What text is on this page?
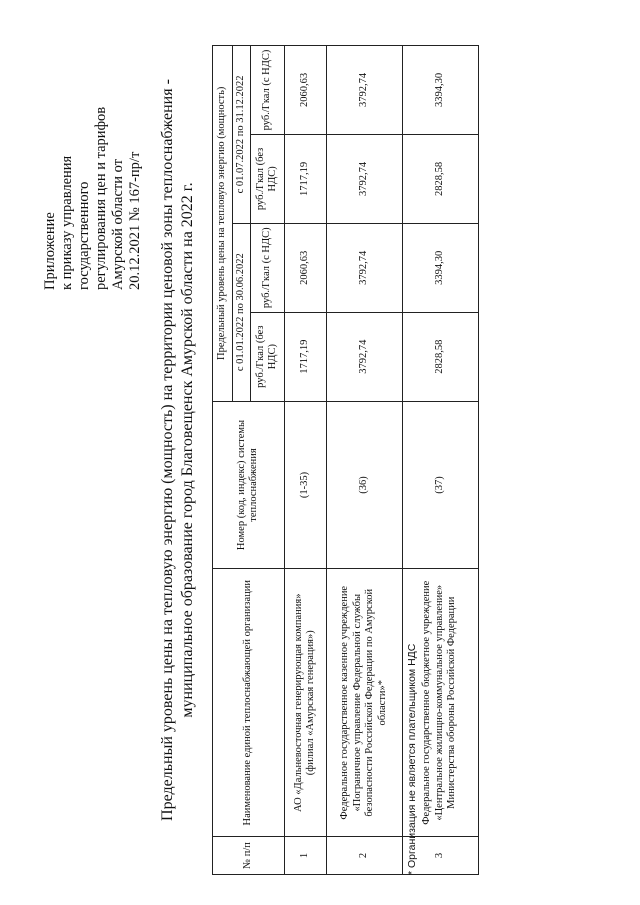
Приложение к приказу управления государственного регулирования цен и тарифов Амурской области от 20.12.2021 № 167-пр/т Предельный уровень цены на тепловую энергию (мощность) на территории ценовой зоны теплоснабжения - муниципальное образование город Благовещенск Амурской области на 2022 г.
№ п/п	Наименование единой теплоснабжающей организации	Номер (код, индекс) системы теплоснабжения	Предельный уровень цены на тепловую энергию (мощность)			
			с 01.01.2022 по 30.06.2022		с 01.07.2022 по 31.12.2022	
			руб./Гкал (без НДС)	руб./Гкал (с НДС)	руб./Гкал (без НДС)	руб./Гкал (с НДС)
1	АО «Дальневосточная генерирующая компания» (филиал «Амурская генерация»)	(1-35)	1717,19	2060,63	1717,19	2060,63
2	Федеральное государственное казенное учреждение «Пограничное управление Федеральной службы безопасности Российской Федерации по Амурской области»*	(36)	3792,74	3792,74	3792,74	3792,74
3	Федеральное государственное бюджетное учреждение «Центральное жилищно-коммунальное управление» Министерства обороны Российской Федерации	(37)	2828,58	3394,30	2828,58	3394,30
* Организация не является плательщиком НДС
